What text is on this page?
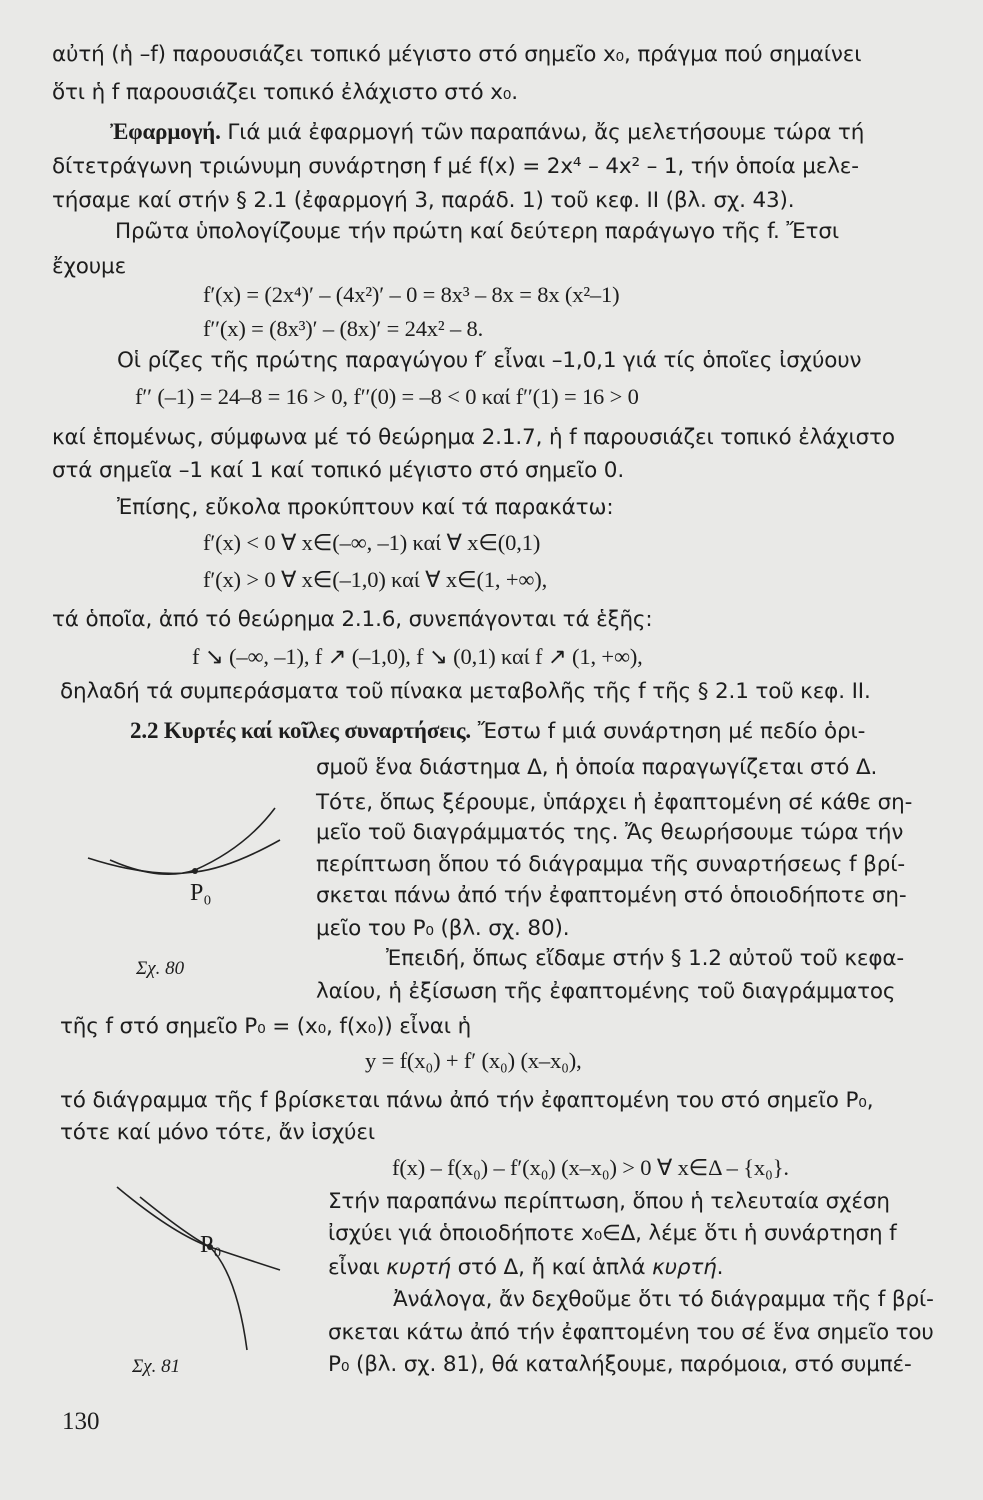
αὐτή (ἡ –f) παρουσιάζει τοπικό μέγιστο στό σημεῖο x₀, πράγμα πού σημαίνει
ὅτι ἡ f παρουσιάζει τοπικό ἐλάχιστο στό x₀.
Ἐφαρμογή. Γιά μιά ἐφαρμογή τῶν παραπάνω, ἄς μελετήσουμε τώρα τή
δίτετράγωνη τριώνυμη συνάρτηση f μέ f(x) = 2x⁴ – 4x² – 1, τήν ὁποία μελε-
τήσαμε καί στήν § 2.1 (ἐφαρμογή 3, παράδ. 1) τοῦ κεφ. II (βλ. σχ. 43).
Πρῶτα ὑπολογίζουμε τήν πρώτη καί δεύτερη παράγωγο τῆς f. Ἔτσι
ἔχουμε
f′(x) = (2x⁴)′ – (4x²)′ – 0 = 8x³ – 8x = 8x (x²–1)
f′′(x) = (8x³)′ – (8x)′ = 24x² – 8.
Οἱ ρίζες τῆς πρώτης παραγώγου f′ εἶναι –1,0,1 γιά τίς ὁποῖες ἰσχύουν
f′′ (–1) = 24–8 = 16 > 0, f′′(0) = –8 < 0 καί f′′(1) = 16 > 0
καί ἑπομένως, σύμφωνα μέ τό θεώρημα 2.1.7, ἡ f παρουσιάζει τοπικό ἐλάχιστο
στά σημεῖα –1 καί 1 καί τοπικό μέγιστο στό σημεῖο 0.
Ἐπίσης, εὔκολα προκύπτουν καί τά παρακάτω:
f′(x) < 0 ∀ x∈(–∞, –1) καί ∀ x∈(0,1)
f′(x) > 0 ∀ x∈(–1,0) καί ∀ x∈(1, +∞),
τά ὁποῖα, ἀπό τό θεώρημα 2.1.6, συνεπάγονται τά ἑξῆς:
f ↘ (–∞, –1), f ↗ (–1,0), f ↘ (0,1) καί f ↗ (1, +∞),
δηλαδή τά συμπεράσματα τοῦ πίνακα μεταβολῆς τῆς f τῆς § 2.1 τοῦ κεφ. II.
2.2 Κυρτές καί κοῖλες συναρτήσεις. Ἔστω f μιά συνάρτηση μέ πεδίο ὁρι-
σμοῦ ἕνα διάστημα Δ, ἡ ὁποία παραγωγίζεται στό Δ.
Τότε, ὅπως ξέρουμε, ὑπάρχει ἡ ἐφαπτομένη σέ κάθε ση-
μεῖο τοῦ διαγράμματός της. Ἄς θεωρήσουμε τώρα τήν
περίπτωση ὅπου τό διάγραμμα τῆς συναρτήσεως f βρί-
σκεται πάνω ἀπό τήν ἐφαπτομένη στό ὁποιοδήποτε ση-
μεῖο του P₀ (βλ. σχ. 80).
Ἐπειδή, ὅπως εἴδαμε στήν § 1.2 αὐτοῦ τοῦ κεφα-
λαίου, ἡ ἐξίσωση τῆς ἐφαπτομένης τοῦ διαγράμματος
P₀
Σχ. 80
τῆς f στό σημεῖο P₀ = (x₀, f(x₀)) εἶναι ἡ
y = f(x₀) + f′ (x₀) (x–x₀),
τό διάγραμμα τῆς f βρίσκεται πάνω ἀπό τήν ἐφαπτομένη του στό σημεῖο P₀,
τότε καί μόνο τότε, ἄν ἰσχύει
f(x) – f(x₀) – f′(x₀) (x–x₀) > 0 ∀ x∈Δ – {x₀}.
Στήν παραπάνω περίπτωση, ὅπου ἡ τελευταία σχέση
ἰσχύει γιά ὁποιοδήποτε x₀∈Δ, λέμε ὅτι ἡ συνάρτηση f
εἶναι κυρτή στό Δ, ἤ καί ἁπλά κυρτή.
Ἀνάλογα, ἄν δεχθοῦμε ὅτι τό διάγραμμα τῆς f βρί-
σκεται κάτω ἀπό τήν ἐφαπτομένη του σέ ἕνα σημεῖο του
P₀ (βλ. σχ. 81), θά καταλήξουμε, παρόμοια, στό συμπέ-
P₀
Σχ. 81
130
